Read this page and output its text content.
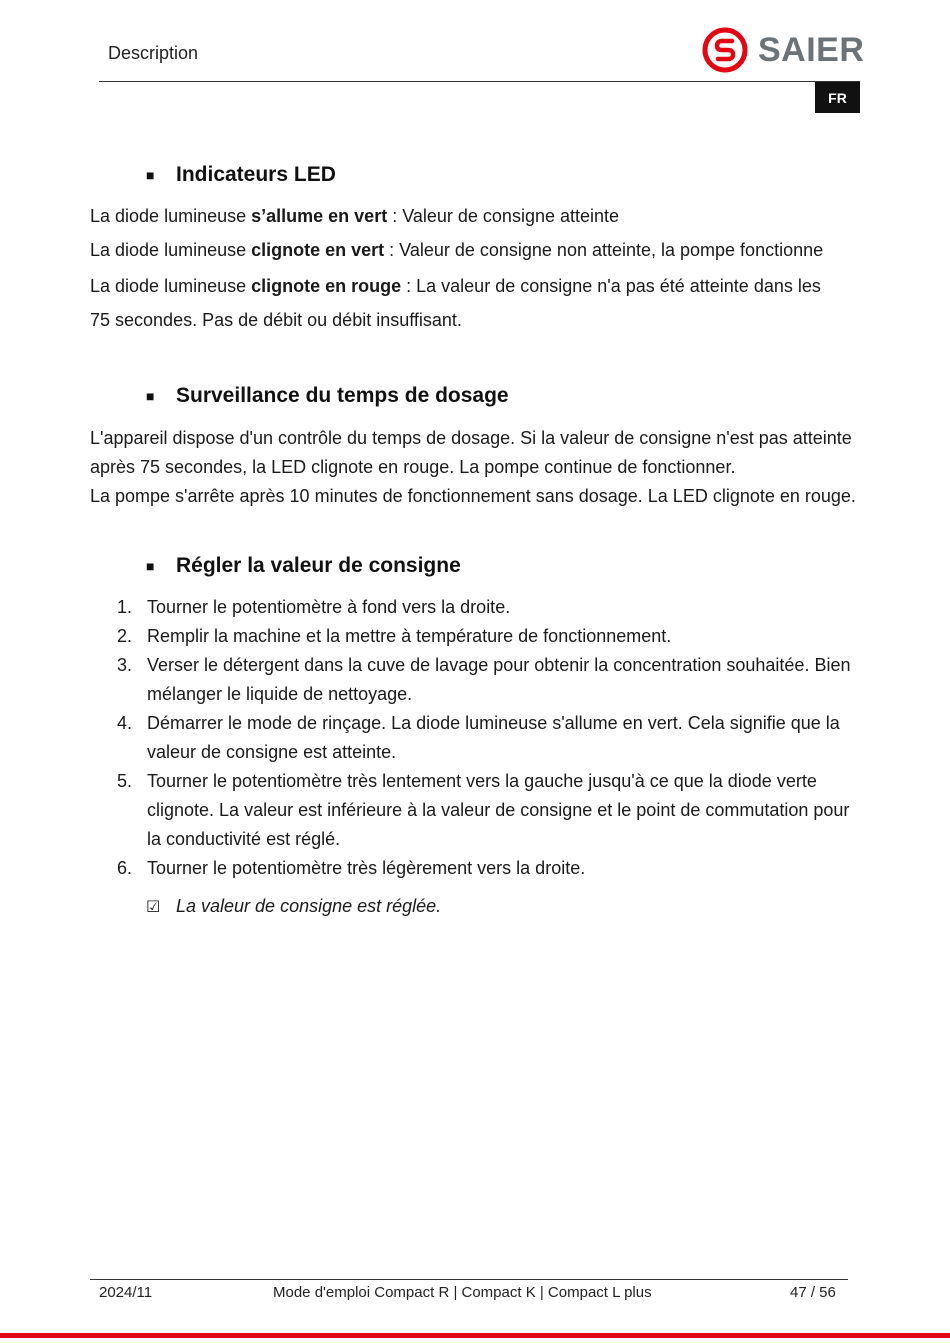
Description	SAIER
FR
■	Indicateurs LED
La diode lumineuse s’allume en vert : Valeur de consigne atteinte
La diode lumineuse clignote en vert : Valeur de consigne non atteinte, la pompe fonctionne
La diode lumineuse clignote en rouge : La valeur de consigne n'a pas été atteinte dans les 75 secondes. Pas de débit ou débit insuffisant.
■	Surveillance du temps de dosage
L'appareil dispose d'un contrôle du temps de dosage. Si la valeur de consigne n'est pas atteinte après 75 secondes, la LED clignote en rouge. La pompe continue de fonctionner.
La pompe s'arrête après 10 minutes de fonctionnement sans dosage. La LED clignote en rouge.
■	Régler la valeur de consigne
1. Tourner le potentiomètre à fond vers la droite.
2. Remplir la machine et la mettre à température de fonctionnement.
3. Verser le détergent dans la cuve de lavage pour obtenir la concentration souhaitée. Bien mélanger le liquide de nettoyage.
4. Démarrer le mode de rinçage. La diode lumineuse s'allume en vert. Cela signifie que la valeur de consigne est atteinte.
5. Tourner le potentiomètre très lentement vers la gauche jusqu'à ce que la diode verte clignote. La valeur est inférieure à la valeur de consigne et le point de commutation pour la conductivité est réglé.
6. Tourner le potentiomètre très légèrement vers la droite.
☑ La valeur de consigne est réglée.
2024/11	Mode d'emploi Compact R | Compact K | Compact L plus	47 / 56
